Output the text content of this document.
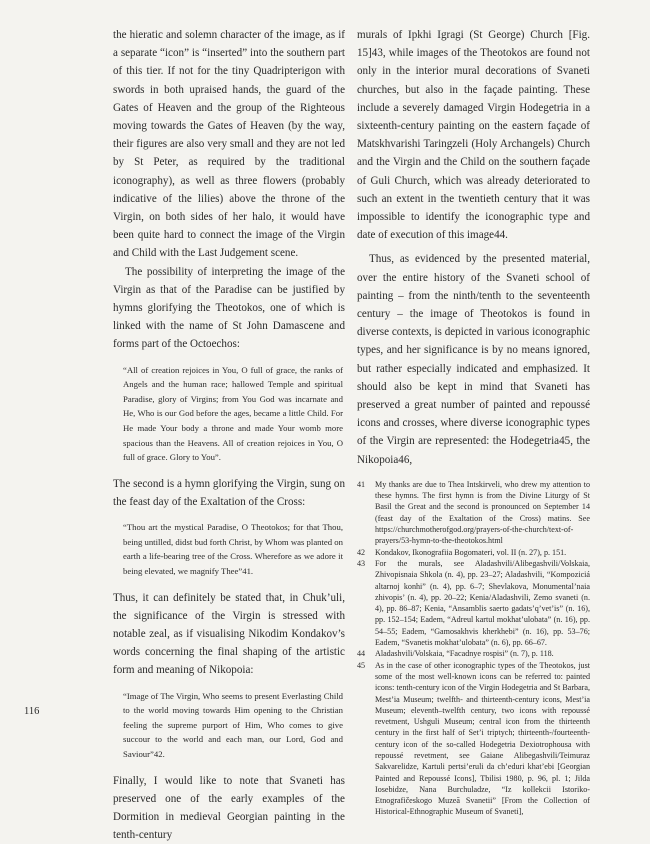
116

the hieratic and solemn character of the image, as if a separate “icon” is “inserted” into the southern part of this tier. If not for the tiny Quadripterigon with swords in both upraised hands, the guard of the Gates of Heaven and the group of the Righteous moving towards the Gates of Heaven (by the way, their figures are also very small and they are not led by St Peter, as required by the traditional iconography), as well as three flowers (probably indicative of the lilies) above the throne of the Virgin, on both sides of her halo, it would have been quite hard to connect the image of the Virgin and Child with the Last Judgement scene.

The possibility of interpreting the image of the Virgin as that of the Paradise can be justified by hymns glorifying the Theotokos, one of which is linked with the name of St John Damascene and forms part of the Octoechos:

“All of creation rejoices in You, O full of grace, the ranks of Angels and the human race; hallowed Temple and spiritual Paradise, glory of Virgins; from You God was incarnate and He, Who is our God before the ages, became a little Child. For He made Your body a throne and made Your womb more spacious than the Heavens. All of creation rejoices in You, O full of grace. Glory to You”.

The second is a hymn glorifying the Virgin, sung on the feast day of the Exaltation of the Cross:

“Thou art the mystical Paradise, O Theotokos; for that Thou, being untilled, didst bud forth Christ, by Whom was planted on earth a life-bearing tree of the Cross. Wherefore as we adore it being elevated, we magnify Thee”41.

Thus, it can definitely be stated that, in Chuk’uli, the significance of the Virgin is stressed with notable zeal, as if visualising Nikodim Kondakov’s words concerning the final shaping of the artistic form and meaning of Nikopoia:

“Image of The Virgin, Who seems to present Everlasting Child to the world moving towards Him opening to the Christian feeling the supreme purport of Him, Who comes to give succour to the world and each man, our Lord, God and Saviour”42.

Finally, I would like to note that Svaneti has preserved one of the early examples of the Dormition in medieval Georgian painting in the tenth-century

murals of Ipkhi Igragi (St George) Church [Fig. 15]43, while images of the Theotokos are found not only in the interior mural decorations of Svaneti churches, but also in the façade painting. These include a severely damaged Virgin Hodegetria in a sixteenth-century painting on the eastern façade of Matskhvarishi Taringzeli (Holy Archangels) Church and the Virgin and the Child on the southern façade of Guli Church, which was already deteriorated to such an extent in the twentieth century that it was impossible to identify the iconographic type and date of execution of this image44.

Thus, as evidenced by the presented material, over the entire history of the Svaneti school of painting – from the ninth/tenth to the seventeenth century – the image of Theotokos is found in diverse contexts, is depicted in various iconographic types, and her significance is by no means ignored, but rather especially indicated and emphasized. It should also be kept in mind that Svaneti has preserved a great number of painted and repoussé icons and crosses, where diverse iconographic types of the Virgin are represented: the Hodegetria45, the Nikopoia46,

41	My thanks are due to Thea Intskirveli, who drew my attention to these hymns. The first hymn is from the Divine Liturgy of St Basil the Great and the second is pronounced on September 14 (feast day of the Exaltation of the Cross) matins. See https://churchmotherofgod.org/prayers-of-the-church/text-of-prayers/53-hymn-to-the-theotokos.html
42	Kondakov, Ikonografiia Bogomateri, vol. II (n. 27), p. 151.
43	For the murals, see Aladashvili/Alibegashvili/Volskaia, Zhivopisnaia Shkola (n. 4), pp. 23–27; Aladashvili, “Kompoziciá altarnoj konhi” (n. 4), pp. 6–7; Shevlakova, Monumental’naia zhivopis’ (n. 4), pp. 20–22; Kenia/Aladashvili, Zemo svaneti (n. 4), pp. 86–87; Kenia, “Ansamblis saerto gadats’q’vet’is” (n. 16), pp. 152–154; Eadem, “Adreul kartul mokhat’ulobata” (n. 16), pp. 54–55; Eadem, “Gamosakhvis kherkhebi” (n. 16), pp. 53–76; Eadem, “Svanetis mokhat’ulobata” (n. 6), pp. 66–67.
44	Aladashvili/Volskaia, “Facadnye rospisi” (n. 7), p. 118.
45	As in the case of other iconographic types of the Theotokos, just some of the most well-known icons can be referred to: painted icons: tenth-century icon of the Virgin Hodegetria and St Barbara, Mest’ia Museum; twelfth- and thirteenth-century icons, Mest’ia Museum; eleventh–twelfth century, two icons with repoussé revetment, Ushguli Museum; central icon from the thirteenth century in the first half of Set’i triptych; thirteenth-/fourteenth-century icon of the so-called Hodegetria Dexiotrophousa with repoussé revetment, see Gaiane Alibegashvili/Teimuraz Sakvarelidze, Kartuli pertsi’eruli da ch’eduri khat’ebi [Georgian Painted and Repoussé Icons], Tbilisi 1980, p. 96, pl. 1; Jilda Iosebidze, Nana Burchuladze, “Iz kollekcii Istoriko-Etnografičeskogo Muzeā Svanetii” [From the Collection of Historical-Ethnographic Museum of Svaneti],
